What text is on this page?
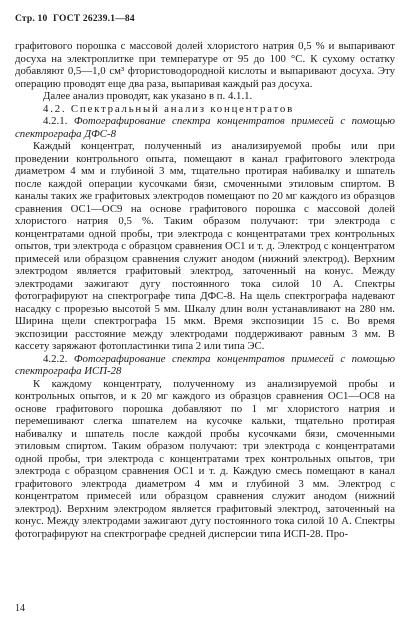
Стр. 10 ГОСТ 26239.1—84

графитового порошка с массовой долей хлористого натрия 0,5 % и выпаривают досуха на электроплитке при температуре от 95 до 100 °С. К сухому остатку добавляют 0,5—1,0 см³ фтористоводородной кислоты и выпаривают досуха. Эту операцию проводят еще два раза, выпаривая каждый раз досуха.

Далее анализ проводят, как указано в п. 4.1.1.

4.2. Спектральный анализ концентратов

4.2.1. Фотографирование спектра концентратов примесей с помощью спектрографа ДФС-8

Каждый концентрат, полученный из анализируемой пробы или при проведении контрольного опыта, помещают в канал графитового электрода диаметром 4 мм и глубиной 3 мм, тщательно протирая набивалку и шпатель после каждой операции кусочками бязи, смоченными этиловым спиртом. В каналы таких же графитовых электродов помещают по 20 мг каждого из образцов сравнения ОС1—ОС9 на основе графитового порошка с массовой долей хлористого натрия 0,5 %. Таким образом получают: три электрода с концентратами одной пробы, три электрода с концентратами трех контрольных опытов, три электрода с образцом сравнения ОС1 и т. д. Электрод с концентратом примесей или образцом сравнения служит анодом (нижний электрод). Верхним электродом является графитовый электрод, заточенный на конус. Между электродами зажигают дугу постоянного тока силой 10 А. Спектры фотографируют на спектрографе типа ДФС-8. На щель спектрографа надевают насадку с прорезью высотой 5 мм. Шкалу длин волн устанавливают на 280 нм. Ширина щели спектрографа 15 мкм. Время экспозиции 15 с. Во время экспозиции расстояние между электродами поддерживают равным 3 мм. В кассету заряжают фотопластинки типа 2 или типа ЭС.

4.2.2. Фотографирование спектра концентратов примесей с помощью спектрографа ИСП-28

К каждому концентрату, полученному из анализируемой пробы и контрольных опытов, и к 20 мг каждого из образцов сравнения ОС1—ОС8 на основе графитового порошка добавляют по 1 мг хлористого натрия и перемешивают слегка шпателем на кусочке кальки, тщательно протирая набивалку и шпатель после каждой пробы кусочками бязи, смоченными этиловым спиртом. Таким образом получают: три электрода с концентратами одной пробы, три электрода с концентратами трех контрольных опытов, три электрода с образцом сравнения ОС1 и т. д. Каждую смесь помещают в канал графитового электрода диаметром 4 мм и глубиной 3 мм. Электрод с концентратом примесей или образцом сравнения служит анодом (нижний электрод). Верхним электродом является графитовый электрод, заточенный на конус. Между электродами зажигают дугу постоянного тока силой 10 А. Спектры фотографируют на спектрографе средней дисперсии типа ИСП-28. Про-

14
